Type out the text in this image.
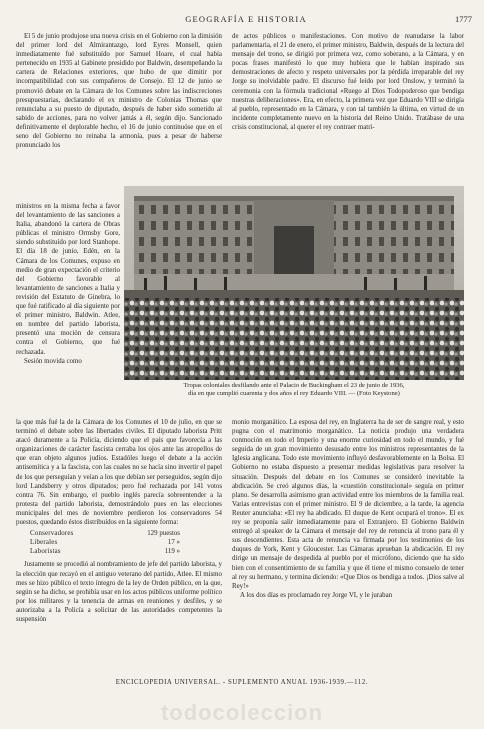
GEOGRAFÍA E HISTORIA	1777

El 5 de junio produjose una nueva crisis en el Gobierno con la dimisión del primer lord del Almirantazgo, lord Eyres Monsell, quien inmediatamente fué substituído por Samuel Hoare, el cual había pertenecido en 1935 al Gabinete presidido por Baldwin, desempeñando la cartera de Relaciones exteriores, que hubo de que dimitir por incompatibilidad con sus compañeros de Consejo. El 12 de junio se promovió debate en la Cámara de los Comunes sobre las indiscreciones presupuestarias, declarando el ex ministro de Colonias Thomas que renunciaba a su puesto de diputado, después de haber sido sometido al sabido de acciones, para no volver jamás a él, según dijo. Sancionado definitivamente el deplorable hecho, el 16 de junio continuóse que en el seno del Gobierno no reinaba la armonía, pues a pesar de haberse pronunciado los

ministros en la misma fecha a favor del levantamiento de las sanciones a Italia, abandonó la cartera de Obras públicas el ministro Ormsby Gore, siendo substituído por lord Stanhope. El día 18 de junio, Edén, en la Cámara de los Comunes, expuso en medio de gran expectación el criterio del Gobierno favorable al levantamiento de sanciones a Italia y revisión del Estatuto de Ginebra, lo que fué ratificado al día siguiente por el primer ministro, Baldwin. Atlee, en nombre del partido laborista, presentó una moción de censura contra el Gobierno, que fué rechazada.

Sesión movida como

Tropas coloniales desfilando ante el Palacio de Buckingham el 23 de junio de 1936,
día en que cumplió cuarenta y dos años el rey Eduardo VIII. — (Foto Keystone)

la que más fué la de la Cámara de los Comunes el 10 de julio, en que se terminó el debate sobre las libertades civiles. El diputado laborista Pritt atacó duramente a la Policía, diciendo que el país que favorecía a las organizaciones de carácter fascista cerraba los ojos ante las atropellos de que eran objeto algunos judíos. Estadóles luego el debate a la acción antisemítica y a la fascista, con las cuales no se hacía sino invertir el papel de los que perseguían y veían a los que debían ser perseguidos, según dijo lord Landsberry y otros diputados; pero fué rechazada por 141 votos contra 76. Sin embargo, el pueblo inglés parecía sobreentender a la protesta del partido laborista, demostrándolo pues en las elecciones municipales del mes de noviembre perdieron los conservadores 54 puestos, quedando éstos distribuídos en la siguiente forma:

Conservadores	129 puestos
Liberales	17 »
Laboristas	119 »

Justamente se procedió al nombramiento de jefe del partido laborista, y la elección que recayó en el antiguo veterano del partido, Atlee. El mismo mes se hizo público el texto íntegro de la ley de Orden público, en la que, según se ha dicho, se prohibía usar en los actos públicos uniforme político por los militares y la tenencia de armas en reuniones y desfiles, y se autorizaba a la Policía a solicitar de las autoridades competentes la suspensión

de actos públicos o manifestaciones. Con motivo de reanudarse la labor parlamentaria, el 21 de enero, el primer ministro, Baldwin, después de la lectura del mensaje del trono, se dirigió por primera vez, como soberano, a la Cámara, y en pocas frases manifestó lo que muy hubiera que le habían inspirado sus demostraciones de afecto y respeto universales por la pérdida irreparable del rey Jorge su inolvidable padre. El discurso fué leído por lord Onslow, y terminó la ceremonia con la fórmula tradicional «Ruego al Dios Todopoderoso que bendiga nuestras deliberaciones». Era, en efecto, la primera vez que Eduardo VIII se dirigía al pueblo, representado en la Cámara, y con tal también la última, en virtud de un incidente completamente nuevo en la historia del Reino Unido. Tratábase de una crisis constitucional, al querer el rey contraer matri-

monio morganático. La esposa del rey, en Inglaterra ha de ser de sangre real, y esto pugna con el matrimonio morganático. La noticia produjo una verdadera conmoción en todo el Imperio y una enorme curiosidad en todo el mundo, y fué seguida de un gran movimiento desusado entre los ministros representantes de la Iglesia anglicana. Todo este movimiento influyó desfavorablemente en la Bolsa. El Gobierno no estaba dispuesto a presentar medidas legislativas para resolver la situación. Después del debate en los Comunes se consideró inevitable la abdicación. Se creó algunos días, la «cuestión constitucional» seguía en primer plano. Se desarrolla asimismo gran actividad entre los miembros de la familia real. Varias entrevistas con el primer ministro. El 9 de diciembre, a la tarde, la agencia Reuter anunciaba: «El rey ha abdicado. El duque de Kent ocupará el trono». El ex rey se proponía salir inmediatamente para el Extranjero. El Gobierno Baldwin entregó al speaker de la Cámara el mensaje del rey de renuncia al trono para él y sus descendientes. Esta acta de renuncia va firmada por los testimonios de los duques de York, Kent y Gloucester. Las Cámaras aprueban la abdicación. El rey dirige un mensaje de despedida al pueblo por el micrófono, diciendo que ha sido bien con el consentimiento de su familia y que él tiene el mismo consuelo de tener al rey su hermano, y termina diciendo: «Que Dios os bendiga a todos. ¡Dios salve al Rey!»

A los dos días es proclamado rey Jorge VI, y le juraban

ENCICLOPEDIA UNIVERSAL. - SUPLEMENTO ANUAL 1936-1939.—112.
todocoleccion
